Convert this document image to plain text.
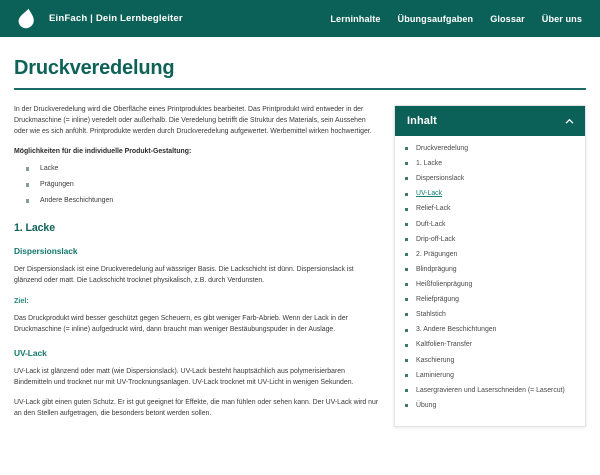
EinFach | Dein Lernbegleiter	Lerninhalte Übungsaufgaben Glossar Über uns
Druckveredelung

In der Druckveredelung wird die Oberfläche eines Printproduktes bearbeitet. Das Printprodukt wird entweder in der Druckmaschine (= inline) veredelt oder außerhalb. Die Veredelung betrifft die Struktur des Materials, sein Aussehen oder wie es sich anfühlt. Printprodukte werden durch Druckveredelung aufgewertet. Werbemittel wirken hochwertiger.

Möglichkeiten für die individuelle Produkt-Gestaltung:

Lacke
Prägungen
Andere Beschichtungen
1. Lacke
Dispersionslack

Der Dispersionslack ist eine Druckveredelung auf wässriger Basis. Die Lackschicht ist dünn. Dispersionslack ist glänzend oder matt. Die Lackschicht trocknet physikalisch, z.B. durch Verdunsten.

Ziel:

Das Druckprodukt wird besser geschützt gegen Scheuern, es gibt weniger Farb-Abrieb. Wenn der Lack in der Druckmaschine (= inline) aufgedruckt wird, dann braucht man weniger Bestäubungspuder in der Auslage.

UV-Lack

UV-Lack ist glänzend oder matt (wie Dispersionslack). UV-Lack besteht hauptsächlich aus polymerisierbaren Bindemitteln und trocknet nur mit UV-Trocknungsanlagen. UV-Lack trocknet mit UV-Licht in wenigen Sekunden.

UV-Lack gibt einen guten Schutz. Er ist gut geeignet für Effekte, die man fühlen oder sehen kann. Der UV-Lack wird nur an den Stellen aufgetragen, die besonders betont werden sollen.

Inhalt
Druckveredelung
1. Lacke
Dispersionslack
UV-Lack
Relief-Lack
Duft-Lack
Drip-off-Lack
2. Prägungen
Blindprägung
Heißfolienprägung
Reliefprägung
Stahlstich
3. Andere Beschichtungen
Kaltfolien-Transfer
Kaschierung
Laminierung
Lasergravieren und Laserschneiden (= Lasercut)
Übung
